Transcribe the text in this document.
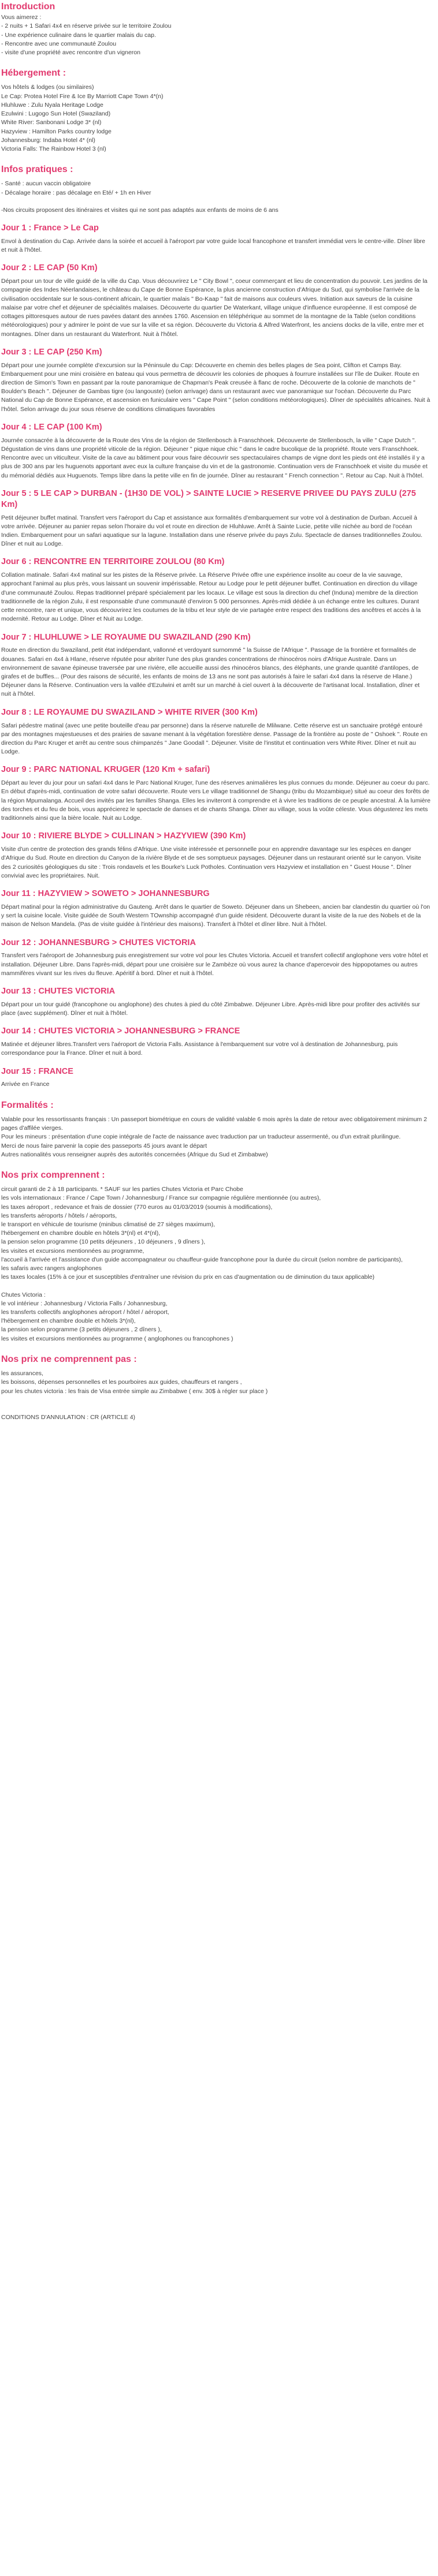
Introduction
Vous aimerez :
- 2 nuits + 1 Safari 4x4 en réserve privée sur le territoire Zoulou
- Une expérience culinaire dans le quartier malais du cap.
- Rencontre avec une communauté Zoulou
- visite d'une propriété avec rencontre d'un vigneron
Hébergement :
Vos hôtels & lodges (ou similaires)
Le Cap: Protea Hotel Fire & Ice By Marriott Cape Town 4*(n)
Hluhluwe : Zulu Nyala Heritage Lodge
Ezulwini : Lugogo Sun Hotel (Swaziland)
White River: Sanbonani Lodge 3* (nl)
Hazyview : Hamilton Parks country lodge
Johannesburg: Indaba Hotel 4* (nl)
Victoria Falls: The Rainbow Hotel 3 (nl)
Infos pratiques :
- Santé : aucun vaccin obligatoire
- Décalage horaire : pas décalage en Eté/ + 1h en Hiver
-Nos circuits proposent des itinéraires et visites qui ne sont pas adaptés aux enfants de moins de 6 ans
Jour 1 : France > Le Cap

Envol à destination du Cap. Arrivée dans la soirée et accueil à l'aéroport par votre guide local francophone et transfert immédiat vers le centre-ville. Dîner libre et nuit à l'hôtel.

Jour 2 : LE CAP (50 Km)

Départ pour un tour de ville guidé de la ville du Cap. Vous découvrirez Le " City Bowl ", coeur commerçant et lieu de concentration du pouvoir. Les jardins de la compagnie des Indes Néerlandaises, le château du Cape de Bonne Espérance, la plus ancienne construction d'Afrique du Sud, qui symbolise l'arrivée de la civilisation occidentale sur le sous-continent africain, le quartier malais " Bo-Kaap " fait de maisons aux couleurs vives. Initiation aux saveurs de la cuisine malaise par votre chef et déjeuner de spécialités malaises. Découverte du quartier De Waterkant, village unique d'influence européenne. Il est composé de cottages pittoresques autour de rues pavées datant des années 1760. Ascension en téléphérique au sommet de la montagne de la Table (selon conditions météorologiques) pour y admirer le point de vue sur la ville et sa région. Découverte du Victoria & Alfred Waterfront, les anciens docks de la ville, entre mer et montagnes. Dîner dans un restaurant du Waterfront. Nuit à l'hôtel.

Jour 3 : LE CAP (250 Km)

Départ pour une journée complète d'excursion sur la Péninsule du Cap: Découverte en chemin des belles plages de Sea point, Clifton et Camps Bay. Embarquement pour une mini croisière en bateau qui vous permettra de découvrir les colonies de phoques à fourrure installées sur l'île de Duiker. Route en direction de Simon's Town en passant par la route panoramique de Chapman's Peak creusée à flanc de roche. Découverte de la colonie de manchots de " Boulder's Beach ". Déjeuner de Gambas tigre (ou langouste) (selon arrivage) dans un restaurant avec vue panoramique sur l'océan. Découverte du Parc National du Cap de Bonne Espérance, et ascension en funiculaire vers " Cape Point " (selon conditions météorologiques). Dîner de spécialités africaines. Nuit à l'hôtel. Selon arrivage du jour sous réserve de conditions climatiques favorables

Jour 4 : LE CAP (100 Km)

Journée consacrée à la découverte de la Route des Vins de la région de Stellenbosch à Franschhoek. Découverte de Stellenbosch, la ville " Cape Dutch ". Dégustation de vins dans une propriété viticole de la région. Déjeuner " pique nique chic " dans le cadre bucolique de la propriété. Route vers Franschhoek. Rencontre avec un viticulteur. Visite de la cave au bâtiment pour vous faire découvrir ses spectaculaires champs de vigne dont les pieds ont été installés il y a plus de 300 ans par les huguenots apportant avec eux la culture française du vin et de la gastronomie. Continuation vers de Franschhoek et visite du musée et du mémorial dédiés aux Huguenots. Temps libre dans la petite ville en fin de journée. Dîner au restaurant " French connection ". Retour au Cap. Nuit à l'hôtel.

Jour 5 : 5 LE CAP > DURBAN - (1H30 DE VOL) > SAINTE LUCIE > RESERVE PRIVEE DU PAYS ZULU (275 Km)

Petit déjeuner buffet matinal. Transfert vers l'aéroport du Cap et assistance aux formalités d'embarquement sur votre vol à destination de Durban. Accueil à votre arrivée. Déjeuner au panier repas selon l'horaire du vol et route en direction de Hluhluwe. Arrêt à Sainte Lucie, petite ville nichée au bord de l'océan Indien. Embarquement pour un safari aquatique sur la lagune. Installation dans une réserve privée du pays Zulu. Spectacle de danses traditionnelles Zoulou. Dîner et nuit au Lodge.

Jour 6 : RENCONTRE EN TERRITOIRE ZOULOU (80 Km)

Collation matinale. Safari 4x4 matinal sur les pistes de la Réserve privée. La Réserve Privée offre une expérience insolite au coeur de la vie sauvage, approchant l'animal au plus près, vous laissant un souvenir impérissable. Retour au Lodge pour le petit déjeuner buffet. Continuation en direction du village d'une communauté Zoulou. Repas traditionnel préparé spécialement par les locaux. Le village est sous la direction du chef (Induna) membre de la direction traditionnelle de la région Zulu, il est responsable d'une communauté d'environ 5 000 personnes. Après-midi dédiée à un échange entre les cultures. Durant cette rencontre, rare et unique, vous découvrirez les coutumes de la tribu et leur style de vie partagée entre respect des traditions des ancêtres et accès à la modernité. Retour au Lodge. Dîner et Nuit au Lodge.

Jour 7 : HLUHLUWE > LE ROYAUME DU SWAZILAND (290 Km)

Route en direction du Swaziland, petit état indépendant, vallonné et verdoyant surnommé " la Suisse de l'Afrique ". Passage de la frontière et formalités de douanes. Safari en 4x4 à Hlane, réserve réputée pour abriter l'une des plus grandes concentrations de rhinocéros noirs d'Afrique Australe. Dans un environnement de savane épineuse traversée par une rivière, elle accueille aussi des rhinocéros blancs, des éléphants, une grande quantité d'antilopes, de girafes et de buffles... (Pour des raisons de sécurité, les enfants de moins de 13 ans ne sont pas autorisés à faire le safari 4x4 dans la réserve de Hlane.) Déjeuner dans la Réserve. Continuation vers la vallée d'Ezulwini et arrêt sur un marché à ciel ouvert à la découverte de l'artisanat local. Installation, dîner et nuit à l'hôtel.

Jour 8 : LE ROYAUME DU SWAZILAND > WHITE RIVER (300 Km)

Safari pédestre matinal (avec une petite bouteille d'eau par personne) dans la réserve naturelle de Mlilwane. Cette réserve est un sanctuaire protégé entouré par des montagnes majestueuses et des prairies de savane menant à la végétation forestière dense. Passage de la frontière au poste de " Oshoek ". Route en direction du Parc Kruger et arrêt au centre sous chimpanzés " Jane Goodall ". Déjeuner. Visite de l'institut et continuation vers White River. Dîner et nuit au Lodge.

Jour 9 : PARC NATIONAL KRUGER (120 Km + safari)

Départ au lever du jour pour un safari 4x4 dans le Parc National Kruger, l'une des réserves animalières les plus connues du monde. Déjeuner au coeur du parc. En début d'après-midi, continuation de votre safari découverte. Route vers Le village traditionnel de Shangu (tribu du Mozambique) situé au coeur des forêts de la région Mpumalanga. Accueil des invités par les familles Shanga. Elles les inviteront à comprendre et à vivre les traditions de ce peuple ancestral. À la lumière des torches et du feu de bois, vous apprécierez le spectacle de danses et de chants Shanga. Dîner au village, sous la voûte céleste. Vous dégusterez les mets traditionnels ainsi que la bière locale. Nuit au Lodge.

Jour 10 : RIVIERE BLYDE > CULLINAN > HAZYVIEW (390 Km)

Visite d'un centre de protection des grands félins d'Afrique. Une visite intéressée et personnelle pour en apprendre davantage sur les espèces en danger d'Afrique du Sud. Route en direction du Canyon de la rivière Blyde et de ses somptueux paysages. Déjeuner dans un restaurant orienté sur le canyon. Visite des 2 curiosités géologiques du site : Trois rondavels et les Bourke's Luck Potholes. Continuation vers Hazyview et installation en " Guest House ". Dîner convivial avec les propriétaires. Nuit.

Jour 11 : HAZYVIEW > SOWETO > JOHANNESBURG

Départ matinal pour la région administrative du Gauteng. Arrêt dans le quartier de Soweto. Déjeuner dans un Shebeen, ancien bar clandestin du quartier où l'on y sert la cuisine locale. Visite guidée de South Western TOwnship accompagné d'un guide résident. Découverte durant la visite de la rue des Nobels et de la maison de Nelson Mandela. (Pas de visite guidée à l'intérieur des maisons). Transfert à l'hôtel et dîner libre. Nuit à l'hôtel.

Jour 12 : JOHANNESBURG > CHUTES VICTORIA

Transfert vers l'aéroport de Johannesburg puis enregistrement sur votre vol pour les Chutes Victoria. Accueil et transfert collectif anglophone vers votre hôtel et installation. Déjeuner Libre. Dans l'après-midi, départ pour une croisière sur le Zambèze où vous aurez la chance d'apercevoir des hippopotames ou autres mammifères vivant sur les rives du fleuve. Apéritif à bord. Dîner et nuit à l'hôtel.

Jour 13 : CHUTES VICTORIA

Départ pour un tour guidé (francophone ou anglophone) des chutes à pied du côté Zimbabwe. Déjeuner Libre. Après-midi libre pour profiter des activités sur place (avec supplément). Dîner et nuit à l'hôtel.

Jour 14 : CHUTES VICTORIA > JOHANNESBURG > FRANCE

Matinée et déjeuner libres.Transfert vers l'aéroport de Victoria Falls. Assistance à l'embarquement sur votre vol à destination de Johannesburg, puis correspondance pour la France. Dîner et nuit à bord.

Jour 15 : FRANCE

Arrivée en France

Formalités :
Valable pour les ressortissants français : Un passeport biométrique en cours de validité valable 6 mois après la date de retour avec obligatoirement minimum 2 pages d'affilée vierges.
Pour les mineurs : présentation d'une copie intégrale de l'acte de naissance avec traduction par un traducteur assermenté, ou d'un extrait plurilingue.
Merci de nous faire parvenir la copie des passeports 45 jours avant le départ
Autres nationalités vous renseigner auprès des autorités concernées (Afrique du Sud et Zimbabwe)
Nos prix comprennent :
circuit garanti de 2 à 18 participants. * SAUF sur les parties Chutes Victoria et Parc Chobe
les vols internationaux : France / Cape Town / Johannesburg / France sur compagnie régulière mentionnée (ou autres),
les taxes aéroport , redevance et frais de dossier (770 euros au 01/03/2019 (soumis à modifications),
les transferts aéroports / hôtels / aéroports,
le transport en véhicule de tourisme (minibus climatisé de 27 sièges maximum),
l'hébergement en chambre double en hôtels 3*(nl) et 4*(nl),
la pension selon programme (10 petits déjeuners , 10 déjeuners , 9 dîners ),
les visites et excursions mentionnées au programme,
l'accueil à l'arrivée et l'assistance d'un guide accompagnateur ou chauffeur-guide francophone pour la durée du circuit (selon nombre de participants),
les safaris avec rangers anglophones
les taxes locales (15% à ce jour et susceptibles d'entraîner une révision du prix en cas d'augmentation ou de diminution du taux applicable)
Chutes Victoria :
le vol intérieur : Johannesburg / Victoria Falls / Johannesburg,
les transferts collectifs anglophones aéroport / hôtel / aéroport,
l'hébergement en chambre double et hôtels 3*(nl),
la pension selon programme (3 petits déjeuners , 2 dîners ),
les visites et excursions mentionnées au programme ( anglophones ou francophones )
Nos prix ne comprennent pas :
les assurances,
les boissons, dépenses personnelles et les pourboires aux guides, chauffeurs et rangers ,
pour les chutes victoria : les frais de Visa entrée simple au Zimbabwe ( env. 30$ à régler sur place )
CONDITIONS D'ANNULATION : CR (ARTICLE 4)
